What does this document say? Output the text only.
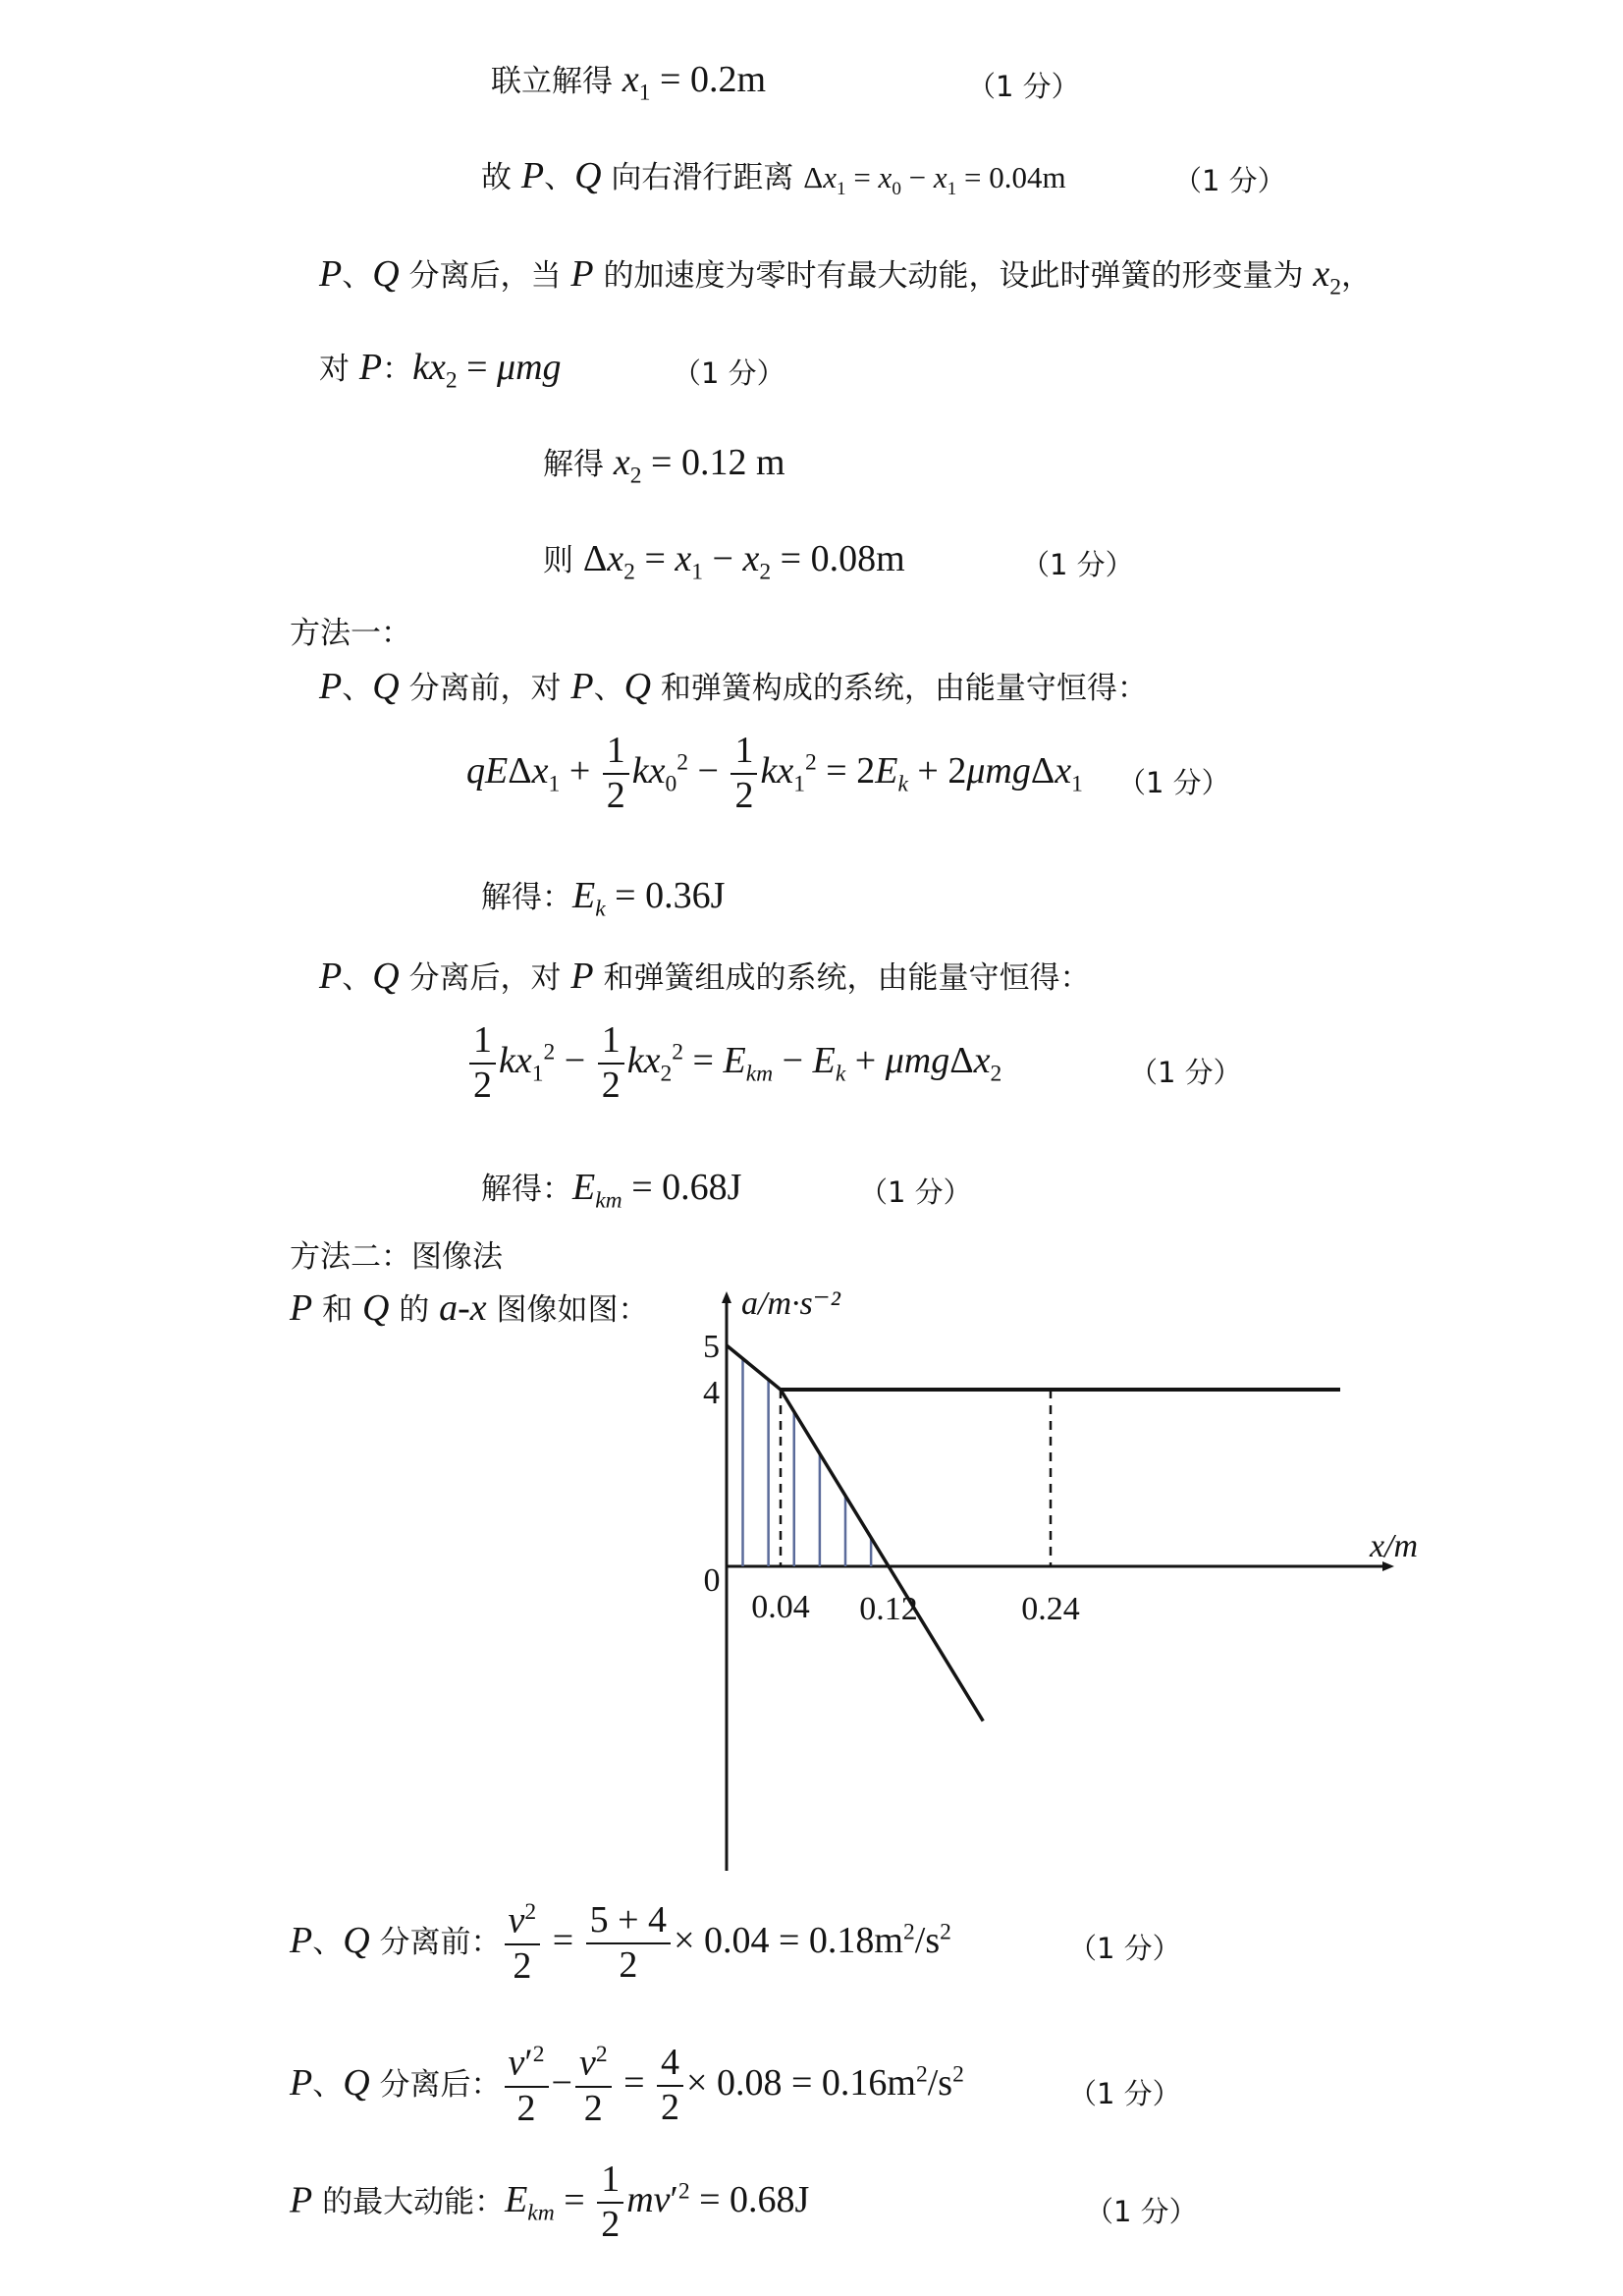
联立解得 $x_1 = 0.2m$	（1 分）
故 P、Q 向右滑行距离 $\Delta x_1 = x_0 - x_1 = 0.04m$	（1 分）
P、Q 分离后，当 P 的加速度为零时有最大动能，设此时弹簧的形变量为 $x_2$，
对 P：$kx_2 = \mu mg$	（1 分）
解得 $x_2 = 0.12$ m
则 $\Delta x_2 = x_1 - x_2 = 0.08m$	（1 分）
方法一：
P、Q 分离前，对 P、Q 和弹簧构成的系统，由能量守恒得：
$qE\Delta x_1 + \frac{1}{2} kx_0^2 - \frac{1}{2} kx_1^2 = 2E_k + 2\mu mg\Delta x_1$ （1 分）
解得：$E_k = 0.36J$
P、Q 分离后，对 P 和弹簧组成的系统，由能量守恒得：
$\frac{1}{2} kx_1^2 - \frac{1}{2} kx_2^2 = E_{km} - E_k + \mu mg\Delta x_2$	（1 分）
解得：$E_{km} = 0.68J$	（1 分）
方法二：图像法
P 和 Q 的 a-x 图像如图：
0.04 0.12	0.24
5
4
0
a/m·s⁻²
x/m
P、Q 分离前： $\frac{v^2}{2} = \frac{5 + 4}{2} \times 0.04 = 0.18m^2/s^2$	（1 分）
P、Q 分离后： $\frac{v'^2}{2} - \frac{v^2}{2} = \frac{4}{2} \times 0.08 = 0.16m^2/s^2$
（1 分）
P 的最大动能：$E_{km} = \frac{1}{2} mv'^2 = 0.68J$	（1 分）
